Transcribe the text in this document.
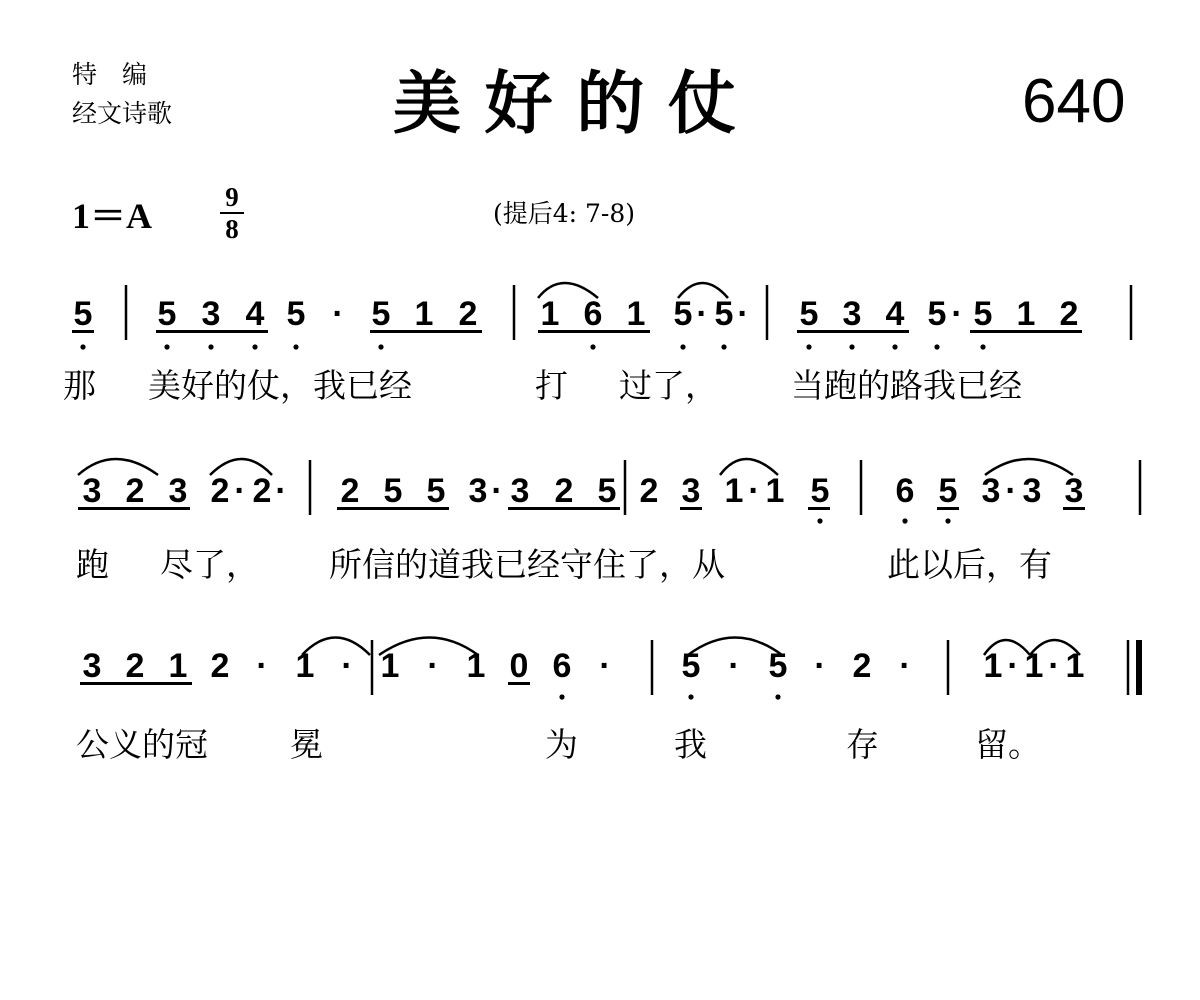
特　编
经文诗歌	美 好 的 仗	640
1＝A	9
8
(提后4: 7-8)
5 5 3 4 5 · 5 1 2 1 6 1 5 · 5 · 5 3 4 5 · 5 1 2
3 2 3 2 · 2 · 2 5 5 3 · 3 2 5 2 3 1 · 1 5 6 5 3 · 3 3
3 2 1 2 · 1 · 1 · 1 0 6 · 5 · 5 · 2 · 1 · 1 · 1
那 美好的仗，我已经	打 过了， 当跑的路我已经
跑 尽了， 所信的道我已经守住了，从	此以后，有
公义的冠 冕	为	我	存	留。
